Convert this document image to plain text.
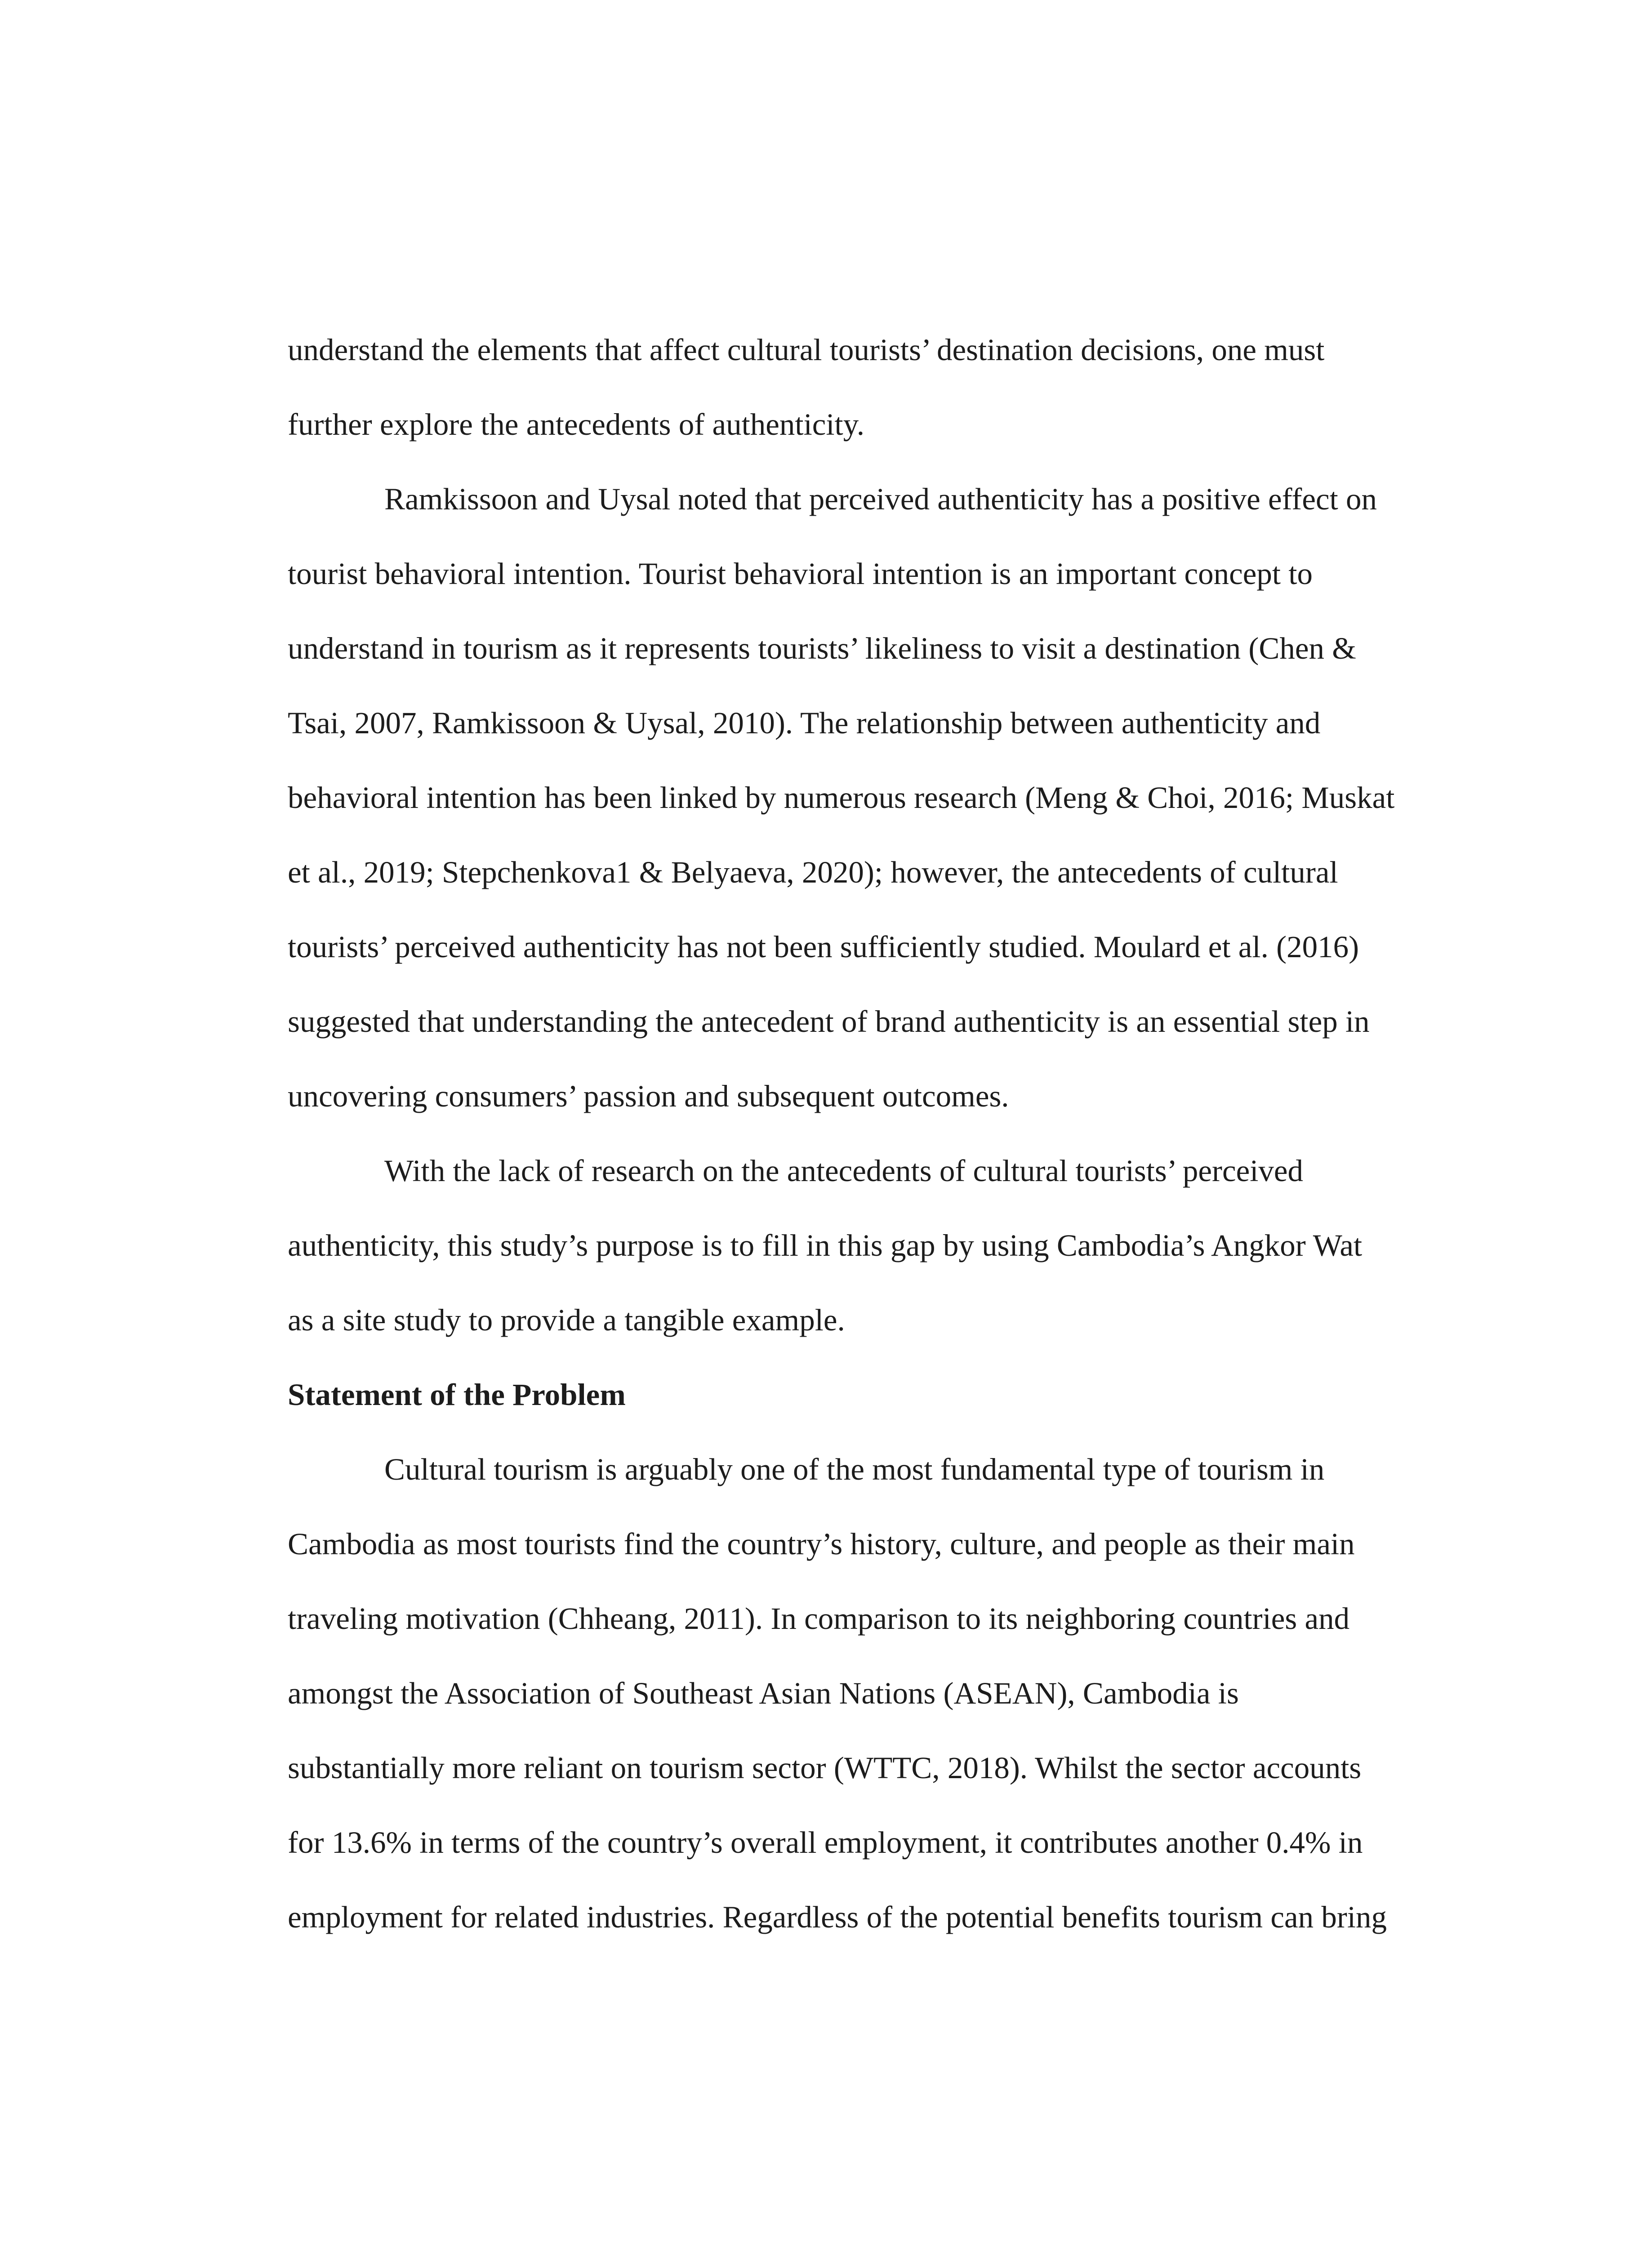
understand the elements that affect cultural tourists’ destination decisions, one must
further explore the antecedents of authenticity.
Ramkissoon and Uysal noted that perceived authenticity has a positive effect on
tourist behavioral intention. Tourist behavioral intention is an important concept to
understand in tourism as it represents tourists’ likeliness to visit a destination (Chen &
Tsai, 2007, Ramkissoon & Uysal, 2010). The relationship between authenticity and
behavioral intention has been linked by numerous research (Meng & Choi, 2016; Muskat
et al., 2019; Stepchenkova1 & Belyaeva, 2020); however, the antecedents of cultural
tourists’ perceived authenticity has not been sufficiently studied. Moulard et al. (2016)
suggested that understanding the antecedent of brand authenticity is an essential step in
uncovering consumers’ passion and subsequent outcomes.
With the lack of research on the antecedents of cultural tourists’ perceived
authenticity, this study’s purpose is to fill in this gap by using Cambodia’s Angkor Wat
as a site study to provide a tangible example.
Statement of the Problem
Cultural tourism is arguably one of the most fundamental type of tourism in
Cambodia as most tourists find the country’s history, culture, and people as their main
traveling motivation (Chheang, 2011). In comparison to its neighboring countries and
amongst the Association of Southeast Asian Nations (ASEAN), Cambodia is
substantially more reliant on tourism sector (WTTC, 2018). Whilst the sector accounts
for 13.6% in terms of the country’s overall employment, it contributes another 0.4% in
employment for related industries. Regardless of the potential benefits tourism can bring
